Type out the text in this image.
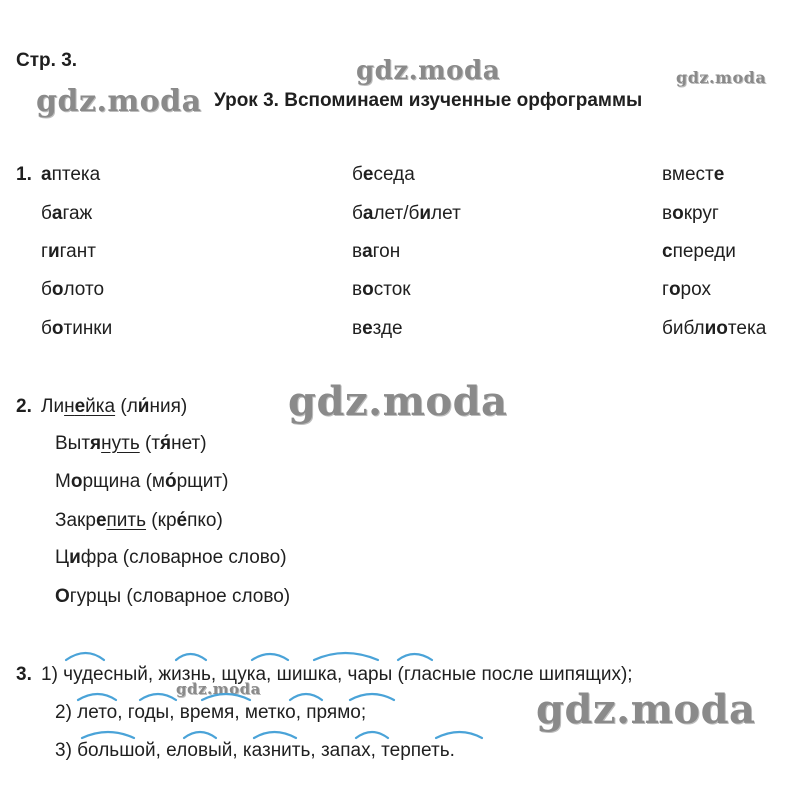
Стр. 3.
Урок 3. Вспоминаем изученные орфограммы
gdz.moda
gdz.moda
gdz.moda
gdz.moda
gdz.moda	gdz.moda
1. аптека
багаж
гигант
болото
ботинки
беседа
балет/билет
вагон
восток
везде
вместе
вокруг
спереди
горох
библиотека
2. Линейка (ли ́ния)
Вытянуть (тя ́нет)
Морщина (мо ́рщит)
Закрепить (кре ́пко)
Цифра (словарное слово)
Огурцы (словарное слово)
3. 1) чудесный, жизнь, щука, шишка, чары (гласные после шипящих);
2) лето, годы, время, метко, прямо;
3) большой, еловый, казнить, запах, терпеть.
